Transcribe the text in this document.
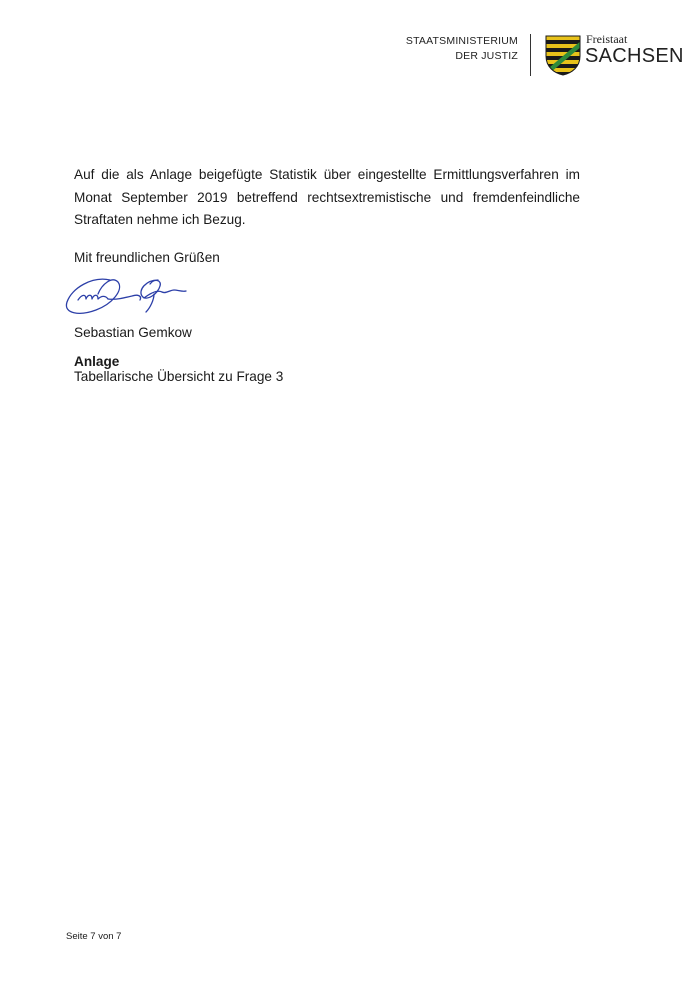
STAATSMINISTERIUM
DER JUSTIZ
Freistaat
SACHSEN

Auf die als Anlage beigefügte Statistik über eingestellte Ermittlungsverfahren im Monat September 2019 betreffend rechtsextremistische und fremdenfeindliche Straftaten nehme ich Bezug.

Mit freundlichen Grüßen
Sebastian Gemkow
Anlage
Tabellarische Übersicht zu Frage 3
Seite 7 von 7
